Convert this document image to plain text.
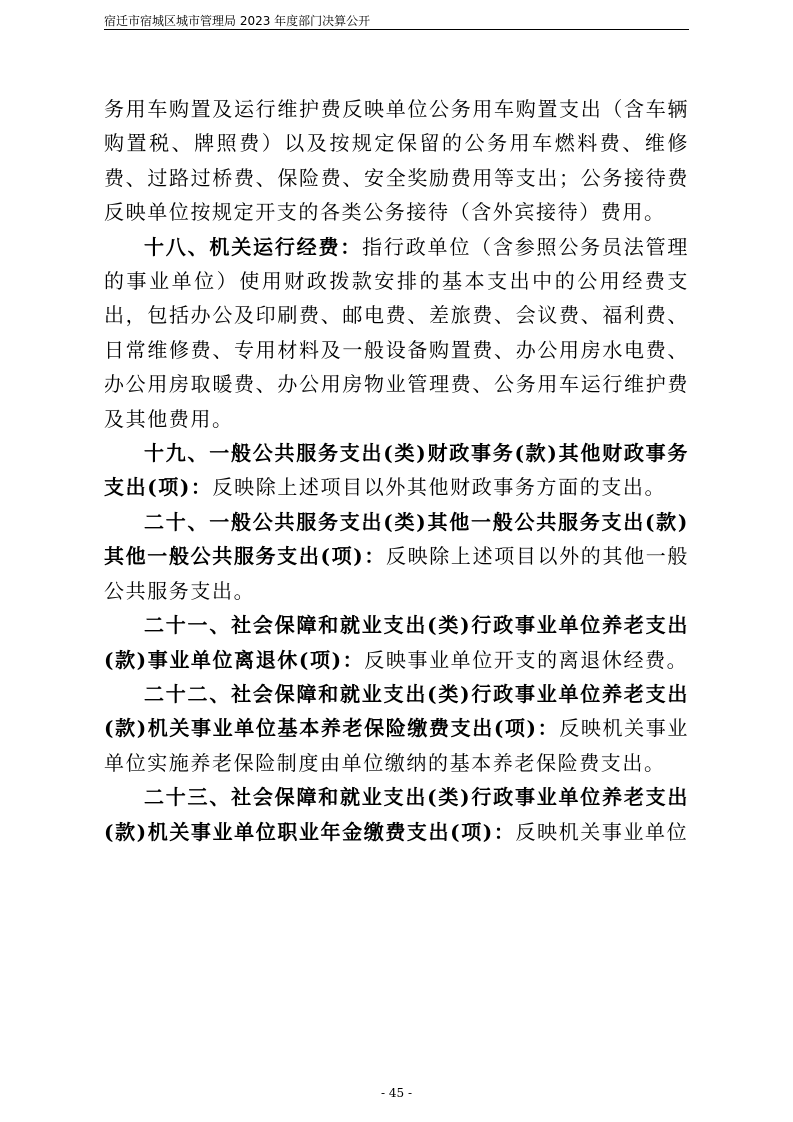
宿迁市宿城区城市管理局 2023 年度部门决算公开

务用车购置及运行维护费反映单位公务用车购置支出（含车辆购置税、牌照费）以及按规定保留的公务用车燃料费、维修费、过路过桥费、保险费、安全奖励费用等支出；公务接待费反映单位按规定开支的各类公务接待（含外宾接待）费用。

十八、机关运行经费：指行政单位（含参照公务员法管理的事业单位）使用财政拨款安排的基本支出中的公用经费支出，包括办公及印刷费、邮电费、差旅费、会议费、福利费、日常维修费、专用材料及一般设备购置费、办公用房水电费、办公用房取暖费、办公用房物业管理费、公务用车运行维护费及其他费用。

十九、一般公共服务支出(类)财政事务(款)其他财政事务支出(项)：反映除上述项目以外其他财政事务方面的支出。

二十、一般公共服务支出(类)其他一般公共服务支出(款)其他一般公共服务支出(项)：反映除上述项目以外的其他一般公共服务支出。

二十一、社会保障和就业支出(类)行政事业单位养老支出(款)事业单位离退休(项)：反映事业单位开支的离退休经费。

二十二、社会保障和就业支出(类)行政事业单位养老支出(款)机关事业单位基本养老保险缴费支出(项)：反映机关事业单位实施养老保险制度由单位缴纳的基本养老保险费支出。

二十三、社会保障和就业支出(类)行政事业单位养老支出(款)机关事业单位职业年金缴费支出(项)：反映机关事业单位

- 45 -
